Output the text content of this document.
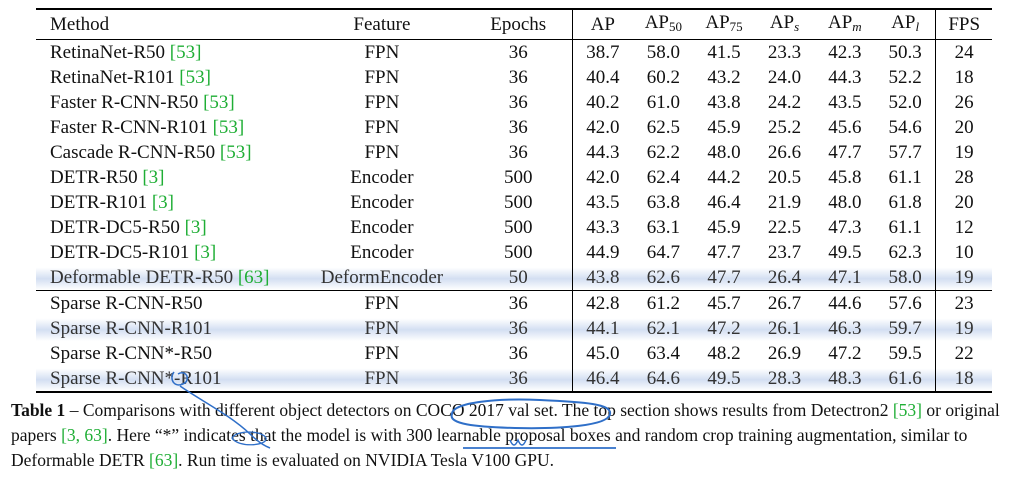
Method	Feature	Epochs	AP	$AP_{50}$	$AP_{75}$	$AP_s$	$AP_m$	$AP_l$	FPS
RetinaNet-R50 [53]	FPN	36	38.7	58.0	41.5	23.3	42.3	50.3	24
RetinaNet-R101 [53]	FPN	36	40.4	60.2	43.2	24.0	44.3	52.2	18
Faster R-CNN-R50 [53]	FPN	36	40.2	61.0	43.8	24.2	43.5	52.0	26
Faster R-CNN-R101 [53]	FPN	36	42.0	62.5	45.9	25.2	45.6	54.6	20
Cascade R-CNN-R50 [53]	FPN	36	44.3	62.2	48.0	26.6	47.7	57.7	19
DETR-R50 [3]	Encoder	500	42.0	62.4	44.2	20.5	45.8	61.1	28
DETR-R101 [3]	Encoder	500	43.5	63.8	46.4	21.9	48.0	61.8	20
DETR-DC5-R50 [3]	Encoder	500	43.3	63.1	45.9	22.5	47.3	61.1	12
DETR-DC5-R101 [3]	Encoder	500	44.9	64.7	47.7	23.7	49.5	62.3	10
Deformable DETR-R50 [63]	DeformEncoder	50	43.8	62.6	47.7	26.4	47.1	58.0	19
Sparse R-CNN-R50	FPN	36	42.8	61.2	45.7	26.7	44.6	57.6	23
Sparse R-CNN-R101	FPN	36	44.1	62.1	47.2	26.1	46.3	59.7	19
Sparse R-CNN*-R50	FPN	36	45.0	63.4	48.2	26.9	47.2	59.5	22
Sparse R-CNN*-R101	FPN	36	46.4	64.6	49.5	28.3	48.3	61.6	18
Table 1 – Comparisons with different object detectors on COCO 2017 val set. The top section shows results from Detectron2 [53] or original papers [3, 63]. Here “*” indicates that the model is with 300 learnable proposal boxes and random crop training augmentation, similar to Deformable DETR [63]. Run time is evaluated on NVIDIA Tesla V100 GPU.
